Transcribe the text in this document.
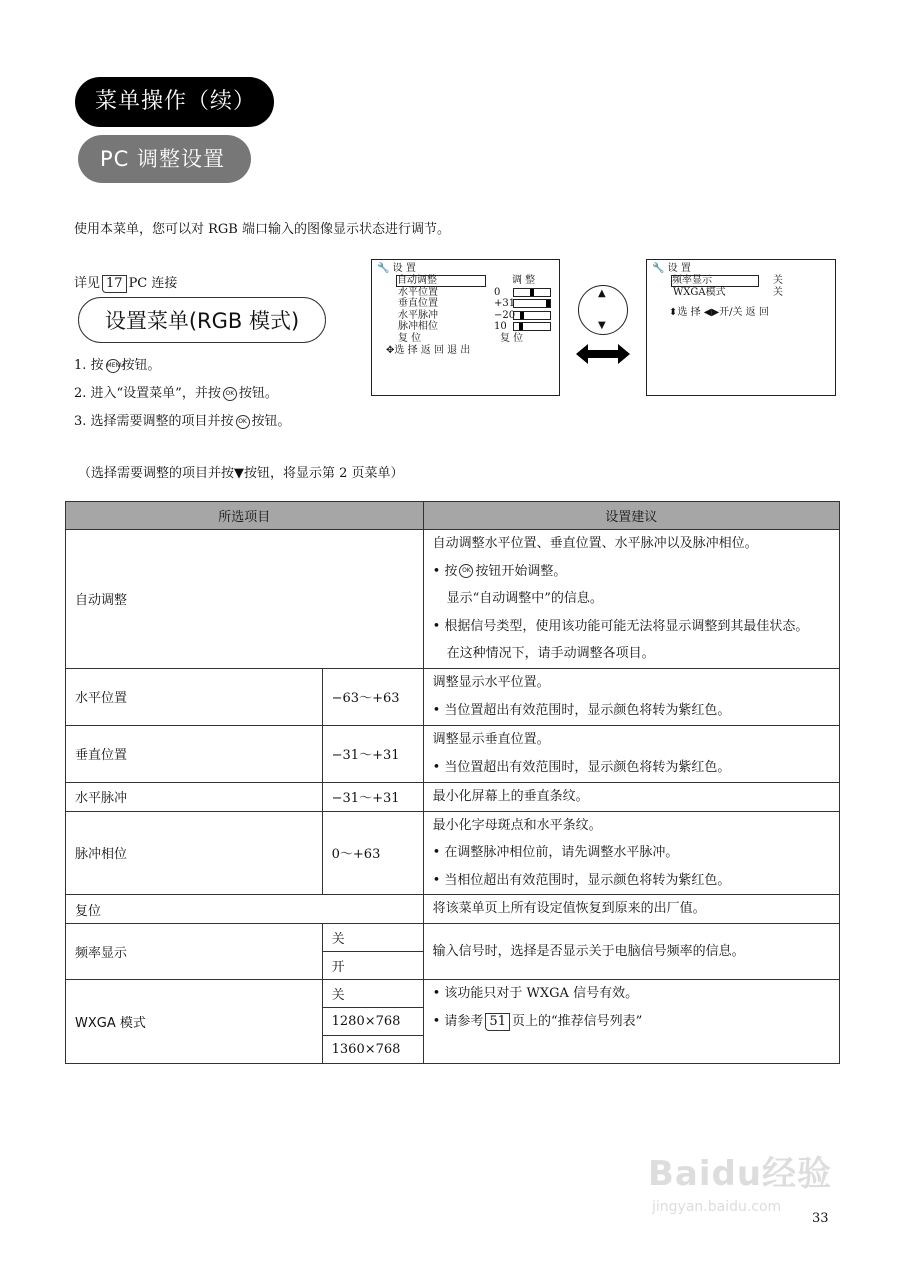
菜单操作（续）
PC 调整设置
使用本菜单，您可以对 RGB 端口输入的图像显示状态进行调节。
详见 17 PC 连接
设置菜单(RGB 模式)
1. 按 MENU按钮。
2. 进入“设置菜单”，并按 OK 按钮。
3. 选择需要调整的项目并按 OK 按钮。
🔧 设 置
自动调整	调 整
水平位置	0
垂直位置	+31
水平脉冲	−20
脉冲相位	10
复 位	复 位
✥选 择 返 回 退 出
▲
▼
🔧 设 置
频率显示	关
WXGA模式	关
⬍选 择 ◀▶开/关 返 回
（选择需要调整的项目并按▼按钮，将显示第 2 页菜单）
所选项目		设置建议
自动调整		自动调整水平位置、垂直位置、水平脉冲以及脉冲相位。
• 按 OK 按钮开始调整。
显示“自动调整中”的信息。
• 根据信号类型，使用该功能可能无法将显示调整到其最佳状态。
在这种情况下，请手动调整各项目。

水平位置	−63～+63	调整显示水平位置。
• 当位置超出有效范围时，显示颜色将转为紫红色。

垂直位置	−31～+31	调整显示垂直位置。
• 当位置超出有效范围时，显示颜色将转为紫红色。

水平脉冲	−31～+31	最小化屏幕上的垂直条纹。

脉冲相位	0～+63	最小化字母斑点和水平条纹。
• 在调整脉冲相位前，请先调整水平脉冲。
• 当相位超出有效范围时，显示颜色将转为紫红色。

复位		将该菜单页上所有设定值恢复到原来的出厂值。

频率显示	关	输入信号时，选择是否显示关于电脑信号频率的信息。

	开	
WXGA 模式	关	• 该功能只对于 WXGA 信号有效。
• 请参考 51 页上的“推荐信号列表”

	1280×768	
	1360×768	
Baidu经验
jingyan.baidu.com
33
